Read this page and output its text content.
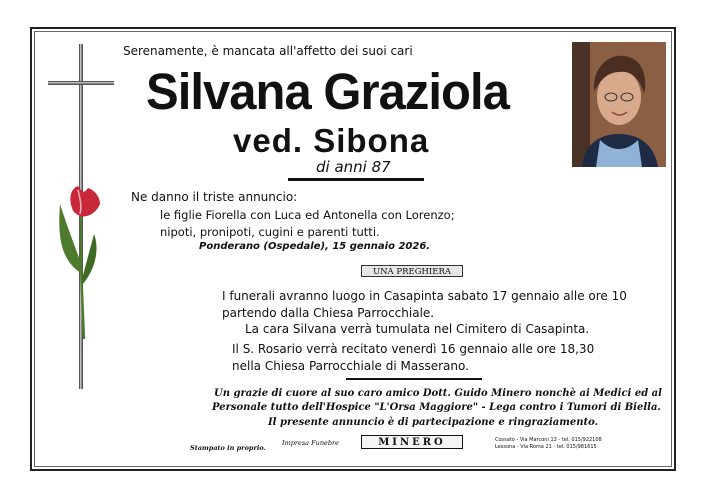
Serenamente, è mancata all'affetto dei suoi cari
Silvana Graziola
ved. Sibona
di anni 87
Ne danno il triste annuncio:
le figlie Fiorella con Luca ed Antonella con Lorenzo;
nipoti, pronipoti, cugini e parenti tutti.
Ponderano (Ospedale), 15 gennaio 2026.
UNA PREGHIERA
I funerali avranno luogo in Casapinta sabato 17 gennaio alle ore 10
partendo dalla Chiesa Parrocchiale.
La cara Silvana verrà tumulata nel Cimitero di Casapinta.
Il S. Rosario verrà recitato venerdì 16 gennaio alle ore 18,30
nella Chiesa Parrocchiale di Masserano.
Un grazie di cuore al suo caro amico Dott. Guido Minero nonchè ai Medici ed al
Personale tutto dell'Hospice "L'Orsa Maggiore" - Lega contro i Tumori di Biella.
Il presente annuncio è di partecipazione e ringraziamento.
Stampato in proprio.
Impresa Funebre	MINERO	Cossato - Via Marconi 13 - tel. 015/922108
Lessona - Via Roma 21 - tel. 015/981615
